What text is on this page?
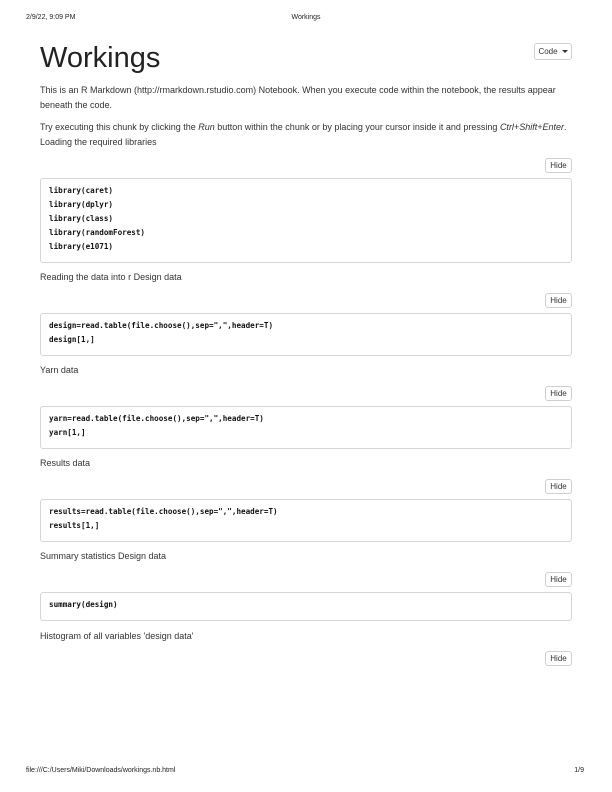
2/9/22, 9:09 PM	Workings
Workings	Code

This is an R Markdown (http://rmarkdown.rstudio.com) Notebook. When you execute code within the notebook, the results appear beneath the code.

Try executing this chunk by clicking the Run button within the chunk or by placing your cursor inside it and pressing Ctrl+Shift+Enter. Loading the required libraries

Hide
library(caret)
library(dplyr)
library(class)
library(randomForest)
library(e1071)

Reading the data into r Design data

Hide
design=read.table(file.choose(),sep=",",header=T)
design[1,]

Yarn data

Hide
yarn=read.table(file.choose(),sep=",",header=T)
yarn[1,]

Results data

Hide
results=read.table(file.choose(),sep=",",header=T)
results[1,]

Summary statistics Design data

Hide
summary(design)

Histogram of all variables 'design data'

Hide
file:///C:/Users/Miki/Downloads/workings.nb.html	1/9
